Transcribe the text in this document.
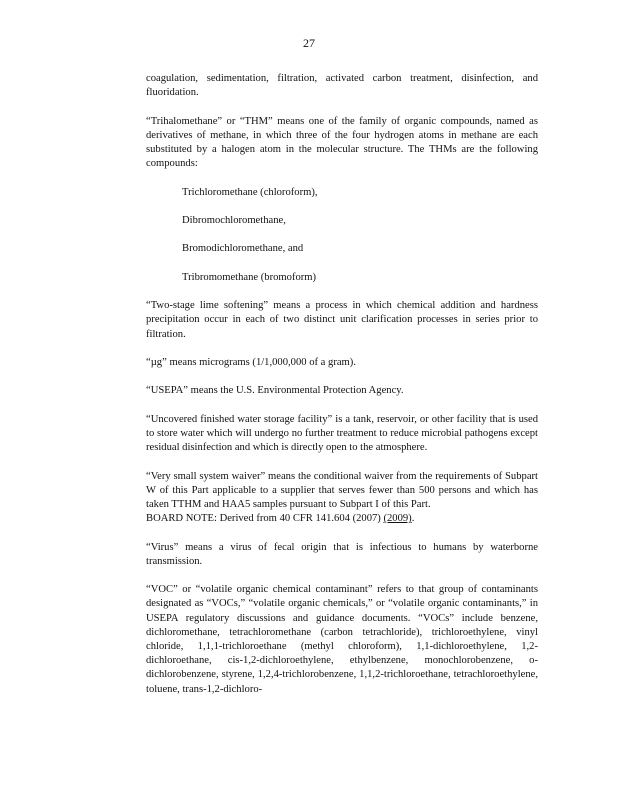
27

coagulation, sedimentation, filtration, activated carbon treatment, disinfection, and fluoridation.

“Trihalomethane” or “THM” means one of the family of organic compounds, named as derivatives of methane, in which three of the four hydrogen atoms in methane are each substituted by a halogen atom in the molecular structure. The THMs are the following compounds:

Trichloromethane (chloroform),

Dibromochloromethane,

Bromodichloromethane, and

Tribromomethane (bromoform)

“Two-stage lime softening” means a process in which chemical addition and hardness precipitation occur in each of two distinct unit clarification processes in series prior to filtration.

“µg” means micrograms (1/1,000,000 of a gram).

“USEPA” means the U.S. Environmental Protection Agency.

“Uncovered finished water storage facility” is a tank, reservoir, or other facility that is used to store water which will undergo no further treatment to reduce microbial pathogens except residual disinfection and which is directly open to the atmosphere.

“Very small system waiver” means the conditional waiver from the requirements of Subpart W of this Part applicable to a supplier that serves fewer than 500 persons and which has taken TTHM and HAA5 samples pursuant to Subpart I of this Part.

BOARD NOTE: Derived from 40 CFR 141.604 (2007) (2009).

“Virus” means a virus of fecal origin that is infectious to humans by waterborne transmission.

“VOC” or “volatile organic chemical contaminant” refers to that group of contaminants designated as “VOCs,” “volatile organic chemicals,” or “volatile organic contaminants,” in USEPA regulatory discussions and guidance documents. “VOCs” include benzene, dichloromethane, tetrachloromethane (carbon tetrachloride), trichloroethylene, vinyl chloride, 1,1,1-trichloroethane (methyl chloroform), 1,1-dichloroethylene, 1,2-dichloroethane, cis-1,2-dichloroethylene, ethylbenzene, monochlorobenzene, o-dichlorobenzene, styrene, 1,2,4-trichlorobenzene, 1,1,2-trichloroethane, tetrachloroethylene, toluene, trans-1,2-dichloro-
